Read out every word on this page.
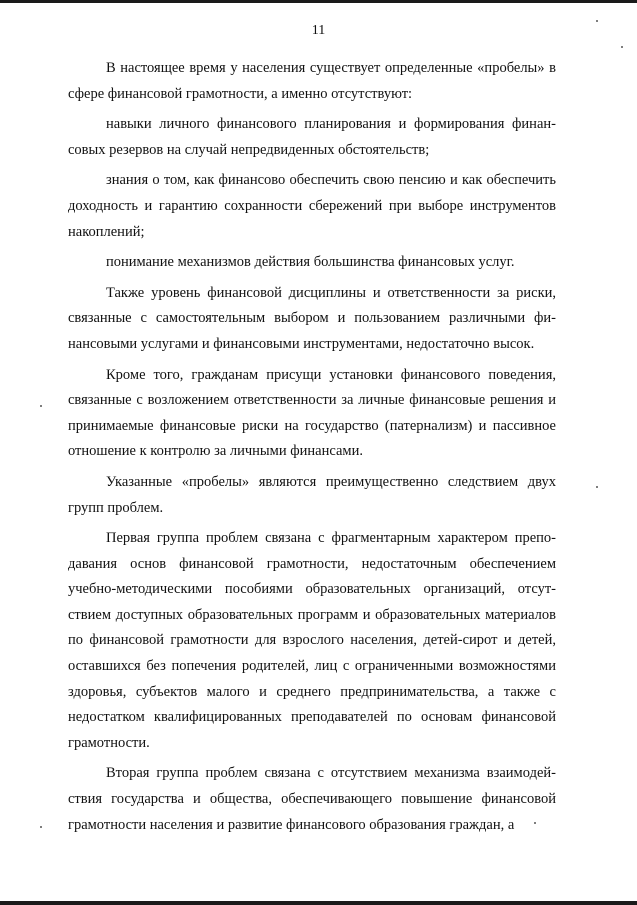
11

В настоящее время у населения существует определенные «пробелы» в сфере финансовой грамотности, а именно отсутствуют:

навыки личного финансового планирования и формирования финансовых резервов на случай непредвиденных обстоятельств;

знания о том, как финансово обеспечить свою пенсию и как обеспечить доходность и гарантию сохранности сбережений при выборе инструментов накоплений;

понимание механизмов действия большинства финансовых услуг.

Также уровень финансовой дисциплины и ответственности за риски, связанные с самостоятельным выбором и пользованием различными финансовыми услугами и финансовыми инструментами, недостаточно высок.

Кроме того, гражданам присущи установки финансового поведения, связанные с возложением ответственности за личные финансовые решения и принимаемые финансовые риски на государство (патернализм) и пассивное отношение к контролю за личными финансами.

Указанные «пробелы» являются преимущественно следствием двух групп проблем.

Первая группа проблем связана с фрагментарным характером преподавания основ финансовой грамотности, недостаточным обеспечением учебно-методическими пособиями образовательных организаций, отсутствием доступных образовательных программ и образовательных материалов по финансовой грамотности для взрослого населения, детей-сирот и детей, оставшихся без попечения родителей, лиц с ограниченными возможностями здоровья, субъектов малого и среднего предпринимательства, а также с недостатком квалифицированных преподавателей по основам финансовой грамотности.

Вторая группа проблем связана с отсутствием механизма взаимодействия государства и общества, обеспечивающего повышение финансовой грамотности населения и развитие финансового образования граждан, а
